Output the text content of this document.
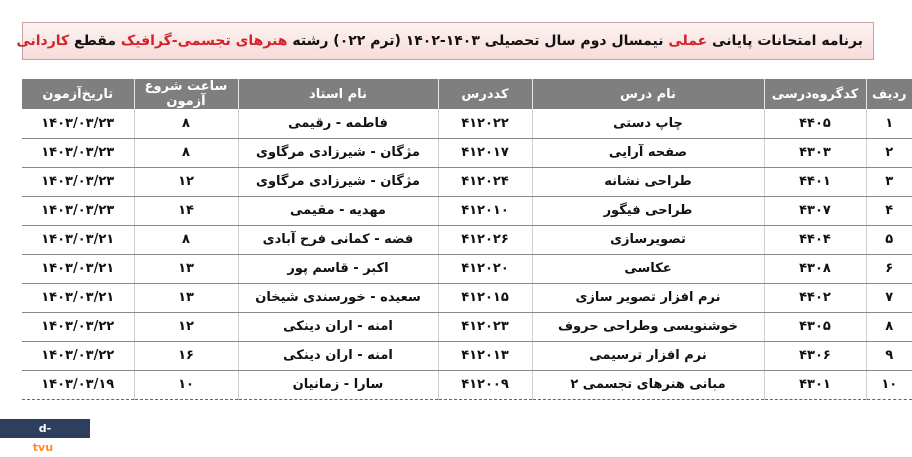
برنامه امتحانات پایانی عملی نیمسال دوم سال تحصیلی ۱۴۰۳-۱۴۰۲ (ترم ۰۲۲) رشته هنرهای تجسمی-گرافیک مقطع کاردانی
ردیف	کدگروه‌درسی	نام درس	کددرس	نام استاد	ساعت شروع آزمون	تاریخ‌آزمون
۱	۴۴۰۵	چاپ دستی	۴۱۲۰۲۲	فاطمه - رقیمی	۸	۱۴۰۳/۰۳/۲۳
۲	۴۳۰۳	صفحه آرایی	۴۱۲۰۱۷	مژگان - شیرزادی مرگاوی	۸	۱۴۰۳/۰۳/۲۳
۳	۴۴۰۱	طراحی نشانه	۴۱۲۰۲۴	مژگان - شیرزادی مرگاوی	۱۲	۱۴۰۳/۰۳/۲۳
۴	۴۳۰۷	طراحی فیگور	۴۱۲۰۱۰	مهدیه - مقیمی	۱۴	۱۴۰۳/۰۳/۲۳
۵	۴۴۰۴	تصویرسازی	۴۱۲۰۲۶	فضه - کمانی فرح آبادی	۸	۱۴۰۳/۰۳/۲۱
۶	۴۳۰۸	عکاسی	۴۱۲۰۲۰	اکبر - قاسم پور	۱۳	۱۴۰۳/۰۳/۲۱
۷	۴۴۰۲	نرم افزار تصویر سازی	۴۱۲۰۱۵	سعیده - خورسندی شیخان	۱۳	۱۴۰۳/۰۳/۲۱
۸	۴۳۰۵	خوشنویسی وطراحی حروف	۴۱۲۰۲۳	امنه - اران دینکی	۱۲	۱۴۰۳/۰۳/۲۲
۹	۴۳۰۶	نرم افزار ترسیمی	۴۱۲۰۱۳	امنه - اران دینکی	۱۶	۱۴۰۳/۰۳/۲۲
۱۰	۴۳۰۱	مبانی هنرهای تجسمی ۲	۴۱۲۰۰۹	سارا - زمانیان	۱۰	۱۴۰۳/۰۳/۱۹
d-sari.tvu.ac.ir
